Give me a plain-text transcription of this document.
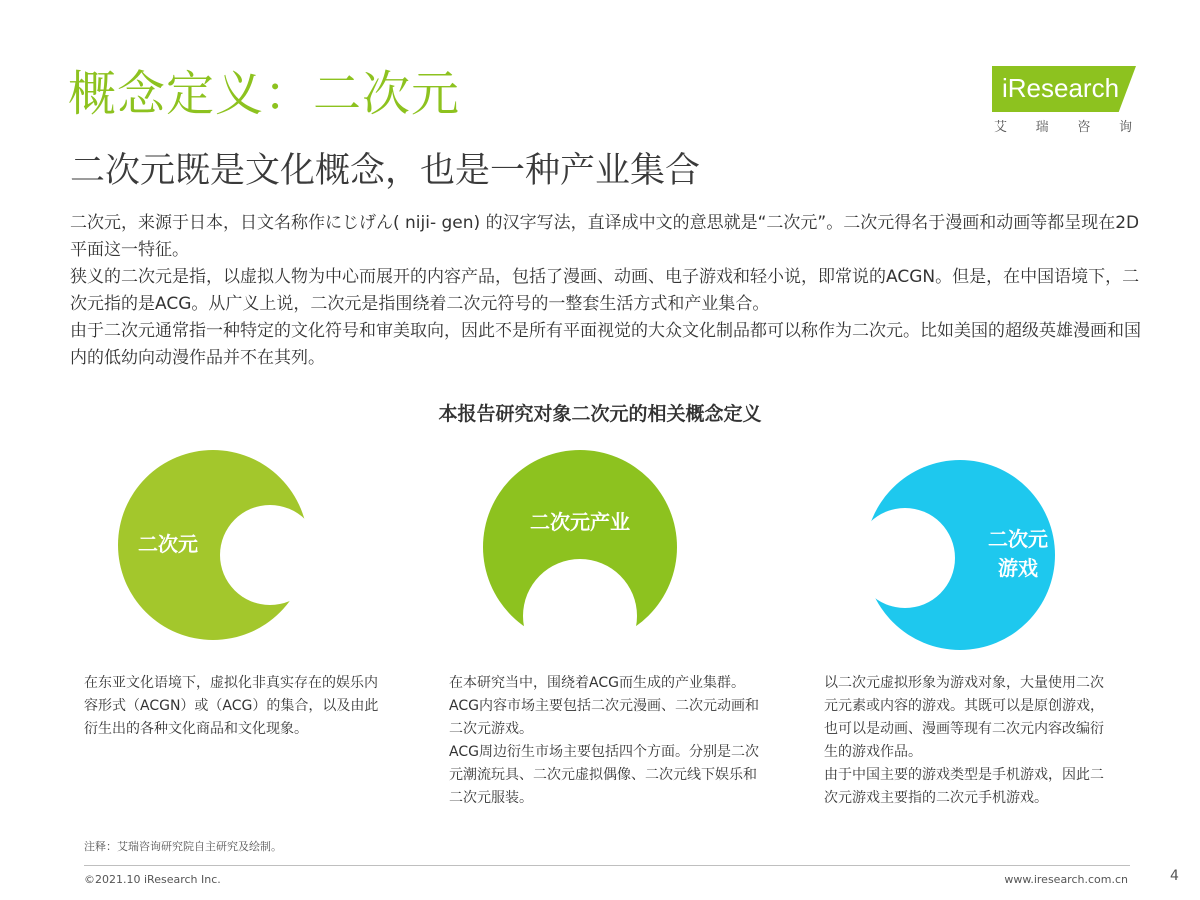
概念定义：二次元
二次元既是文化概念，也是一种产业集合
iResearch
艾 瑞 咨 询

二次元，来源于日本，日文名称作にじげん( niji- gen) 的汉字写法，直译成中文的意思就是“二次元”。二次元得名于漫画和动画等都呈现在2D平面这一特征。

狭义的二次元是指，以虚拟人物为中心而展开的内容产品，包括了漫画、动画、电子游戏和轻小说，即常说的ACGN。但是，在中国语境下，二次元指的是ACG。从广义上说，二次元是指围绕着二次元符号的一整套生活方式和产业集合。

由于二次元通常指一种特定的文化符号和审美取向，因此不是所有平面视觉的大众文化制品都可以称作为二次元。比如美国的超级英雄漫画和国内的低幼向动漫作品并不在其列。

本报告研究对象二次元的相关概念定义
二次元
二次元产业
二次元
游戏

在东亚文化语境下，虚拟化非真实存在的娱乐内容形式（ACGN）或（ACG）的集合，以及由此衍生出的各种文化商品和文化现象。

在本研究当中，围绕着ACG而生成的产业集群。ACG内容市场主要包括二次元漫画、二次元动画和二次元游戏。

ACG周边衍生市场主要包括四个方面。分别是二次元潮流玩具、二次元虚拟偶像、二次元线下娱乐和二次元服装。

以二次元虚拟形象为游戏对象，大量使用二次元元素或内容的游戏。其既可以是原创游戏，也可以是动画、漫画等现有二次元内容改编衍生的游戏作品。

由于中国主要的游戏类型是手机游戏，因此二次元游戏主要指的二次元手机游戏。

注释：艾瑞咨询研究院自主研究及绘制。
©2021.10 iResearch Inc.	www.iresearch.com.cn	4
